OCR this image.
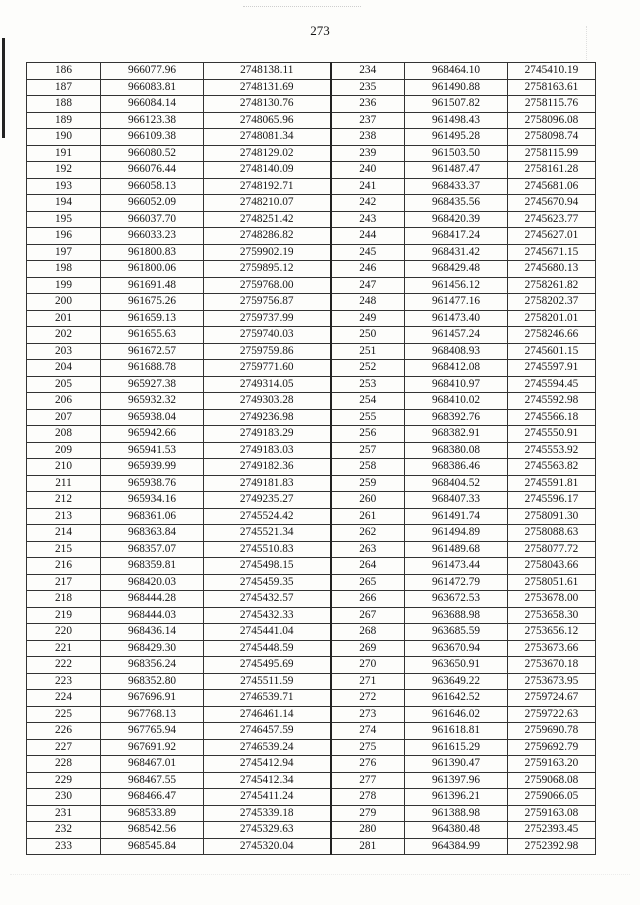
273
186	966077.96	2748138.11	234	968464.10	2745410.19
187	966083.81	2748131.69	235	961490.88	2758163.61
188	966084.14	2748130.76	236	961507.82	2758115.76
189	966123.38	2748065.96	237	961498.43	2758096.08
190	966109.38	2748081.34	238	961495.28	2758098.74
191	966080.52	2748129.02	239	961503.50	2758115.99
192	966076.44	2748140.09	240	961487.47	2758161.28
193	966058.13	2748192.71	241	968433.37	2745681.06
194	966052.09	2748210.07	242	968435.56	2745670.94
195	966037.70	2748251.42	243	968420.39	2745623.77
196	966033.23	2748286.82	244	968417.24	2745627.01
197	961800.83	2759902.19	245	968431.42	2745671.15
198	961800.06	2759895.12	246	968429.48	2745680.13
199	961691.48	2759768.00	247	961456.12	2758261.82
200	961675.26	2759756.87	248	961477.16	2758202.37
201	961659.13	2759737.99	249	961473.40	2758201.01
202	961655.63	2759740.03	250	961457.24	2758246.66
203	961672.57	2759759.86	251	968408.93	2745601.15
204	961688.78	2759771.60	252	968412.08	2745597.91
205	965927.38	2749314.05	253	968410.97	2745594.45
206	965932.32	2749303.28	254	968410.02	2745592.98
207	965938.04	2749236.98	255	968392.76	2745566.18
208	965942.66	2749183.29	256	968382.91	2745550.91
209	965941.53	2749183.03	257	968380.08	2745553.92
210	965939.99	2749182.36	258	968386.46	2745563.82
211	965938.76	2749181.83	259	968404.52	2745591.81
212	965934.16	2749235.27	260	968407.33	2745596.17
213	968361.06	2745524.42	261	961491.74	2758091.30
214	968363.84	2745521.34	262	961494.89	2758088.63
215	968357.07	2745510.83	263	961489.68	2758077.72
216	968359.81	2745498.15	264	961473.44	2758043.66
217	968420.03	2745459.35	265	961472.79	2758051.61
218	968444.28	2745432.57	266	963672.53	2753678.00
219	968444.03	2745432.33	267	963688.98	2753658.30
220	968436.14	2745441.04	268	963685.59	2753656.12
221	968429.30	2745448.59	269	963670.94	2753673.66
222	968356.24	2745495.69	270	963650.91	2753670.18
223	968352.80	2745511.59	271	963649.22	2753673.95
224	967696.91	2746539.71	272	961642.52	2759724.67
225	967768.13	2746461.14	273	961646.02	2759722.63
226	967765.94	2746457.59	274	961618.81	2759690.78
227	967691.92	2746539.24	275	961615.29	2759692.79
228	968467.01	2745412.94	276	961390.47	2759163.20
229	968467.55	2745412.34	277	961397.96	2759068.08
230	968466.47	2745411.24	278	961396.21	2759066.05
231	968533.89	2745339.18	279	961388.98	2759163.08
232	968542.56	2745329.63	280	964380.48	2752393.45
233	968545.84	2745320.04	281	964384.99	2752392.98
